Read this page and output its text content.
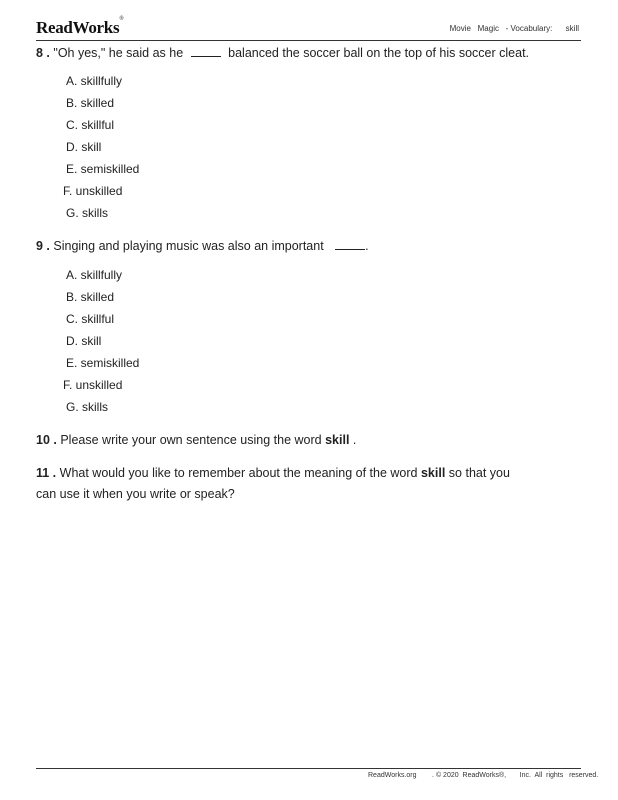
ReadWorks®
Movie   Magic   - Vocabulary:      skill
8 . "Oh yes," he said as he	balanced the soccer ball on the top of his soccer cleat.
A. skillfully
B. skilled
C. skillful
D. skill
E. semiskilled
F. unskilled
G. skills
9 . Singing and playing music was also an important	.
A. skillfully
B. skilled
C. skillful
D. skill
E. semiskilled
F. unskilled
G. skills
10 . Please write your own sentence using the word skill .
11 . What would you like to remember about the meaning of the word skill so that you
can use it when you write or speak?
ReadWorks.org        . © 2020  ReadWorks®,       Inc.  All  rights   reserved.
